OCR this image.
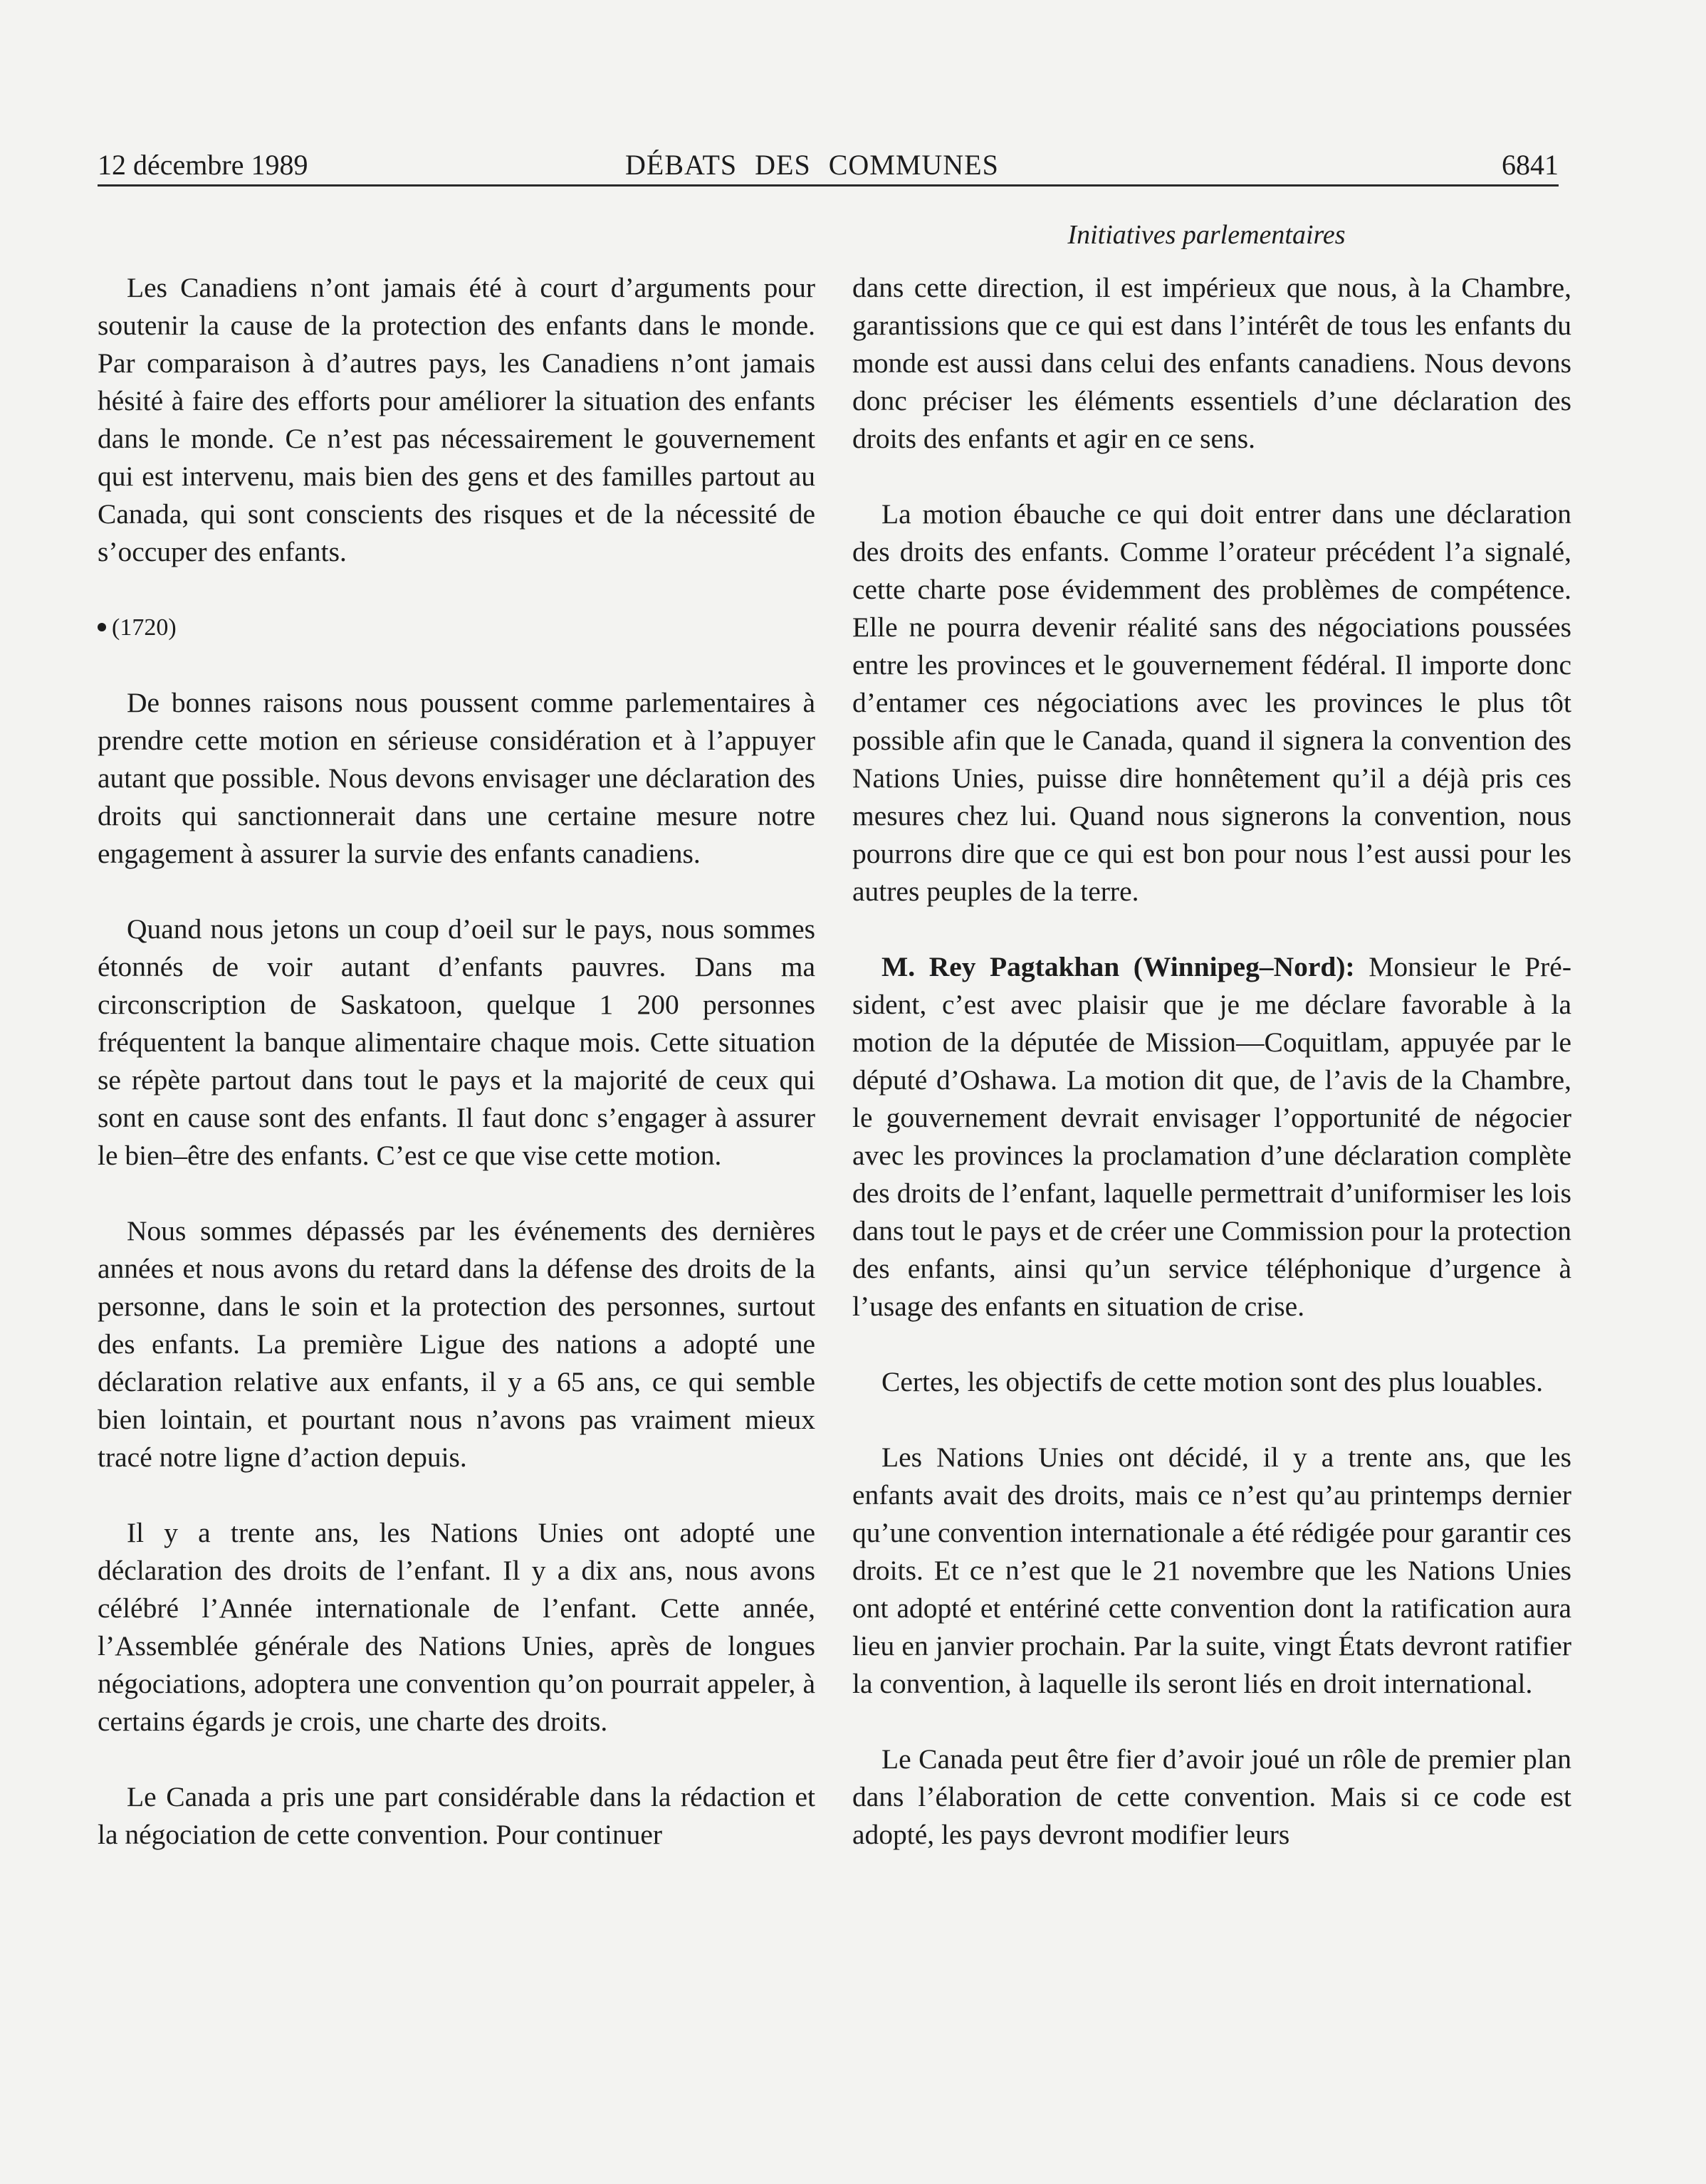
12 décembre 1989	DÉBATS DES COMMUNES	6841
Initiatives parlementaires

Les Canadiens n’ont jamais été à court d’arguments pour soutenir la cause de la protection des enfants dans le monde. Par comparaison à d’autres pays, les Canadiens n’ont jamais hésité à faire des efforts pour améliorer la situation des enfants dans le monde. Ce n’est pas nécessairement le gouvernement qui est intervenu, mais bien des gens et des familles partout au Canada, qui sont conscients des risques et de la nécessité de s’occuper des enfants.

(1720)

De bonnes raisons nous poussent comme parlementaires à prendre cette motion en sérieuse considération et à l’appuyer autant que possible. Nous devons envisager une déclaration des droits qui sanctionnerait dans une certaine mesure notre engagement à assurer la survie des enfants canadiens.

Quand nous jetons un coup d’oeil sur le pays, nous sommes étonnés de voir autant d’enfants pauvres. Dans ma circonscription de Saskatoon, quelque 1 200 personnes fréquentent la banque alimentaire chaque mois. Cette situation se répète partout dans tout le pays et la majorité de ceux qui sont en cause sont des enfants. Il faut donc s’engager à assurer le bien–être des enfants. C’est ce que vise cette motion.

Nous sommes dépassés par les événements des dernières années et nous avons du retard dans la défense des droits de la personne, dans le soin et la protection des personnes, surtout des enfants. La première Ligue des nations a adopté une déclaration relative aux enfants, il y a 65 ans, ce qui semble bien lointain, et pourtant nous n’avons pas vraiment mieux tracé notre ligne d’action depuis.

Il y a trente ans, les Nations Unies ont adopté une déclaration des droits de l’enfant. Il y a dix ans, nous avons célébré l’Année internationale de l’enfant. Cette année, l’Assemblée générale des Nations Unies, après de longues négociations, adoptera une convention qu’on pourrait appeler, à certains égards je crois, une charte des droits.

Le Canada a pris une part considérable dans la rédaction et la négociation de cette convention. Pour continuer

dans cette direction, il est impérieux que nous, à la Chambre, garantissions que ce qui est dans l’intérêt de tous les enfants du monde est aussi dans celui des enfants canadiens. Nous devons donc préciser les éléments essentiels d’une déclaration des droits des enfants et agir en ce sens.

La motion ébauche ce qui doit entrer dans une déclaration des droits des enfants. Comme l’orateur précédent l’a signalé, cette charte pose évidemment des problèmes de compétence. Elle ne pourra devenir réalité sans des négociations poussées entre les provinces et le gouvernement fédéral. Il importe donc d’entamer ces négociations avec les provinces le plus tôt possible afin que le Canada, quand il signera la convention des Nations Unies, puisse dire honnêtement qu’il a déjà pris ces mesures chez lui. Quand nous signerons la convention, nous pourrons dire que ce qui est bon pour nous l’est aussi pour les autres peuples de la terre.

M. Rey Pagtakhan (Winnipeg–Nord): Monsieur le Président, c’est avec plaisir que je me déclare favorable à la motion de la députée de Mission—Coquitlam, appuyée par le député d’Oshawa. La motion dit que, de l’avis de la Chambre, le gouvernement devrait envisager l’opportunité de négocier avec les provinces la proclamation d’une déclaration complète des droits de l’enfant, laquelle permettrait d’uniformiser les lois dans tout le pays et de créer une Commission pour la protection des enfants, ainsi qu’un service téléphonique d’urgence à l’usage des enfants en situation de crise.

Certes, les objectifs de cette motion sont des plus louables.

Les Nations Unies ont décidé, il y a trente ans, que les enfants avait des droits, mais ce n’est qu’au printemps dernier qu’une convention internationale a été rédigée pour garantir ces droits. Et ce n’est que le 21 novembre que les Nations Unies ont adopté et entériné cette convention dont la ratification aura lieu en janvier prochain. Par la suite, vingt États devront ratifier la convention, à laquelle ils seront liés en droit international.

Le Canada peut être fier d’avoir joué un rôle de premier plan dans l’élaboration de cette convention. Mais si ce code est adopté, les pays devront modifier leurs
